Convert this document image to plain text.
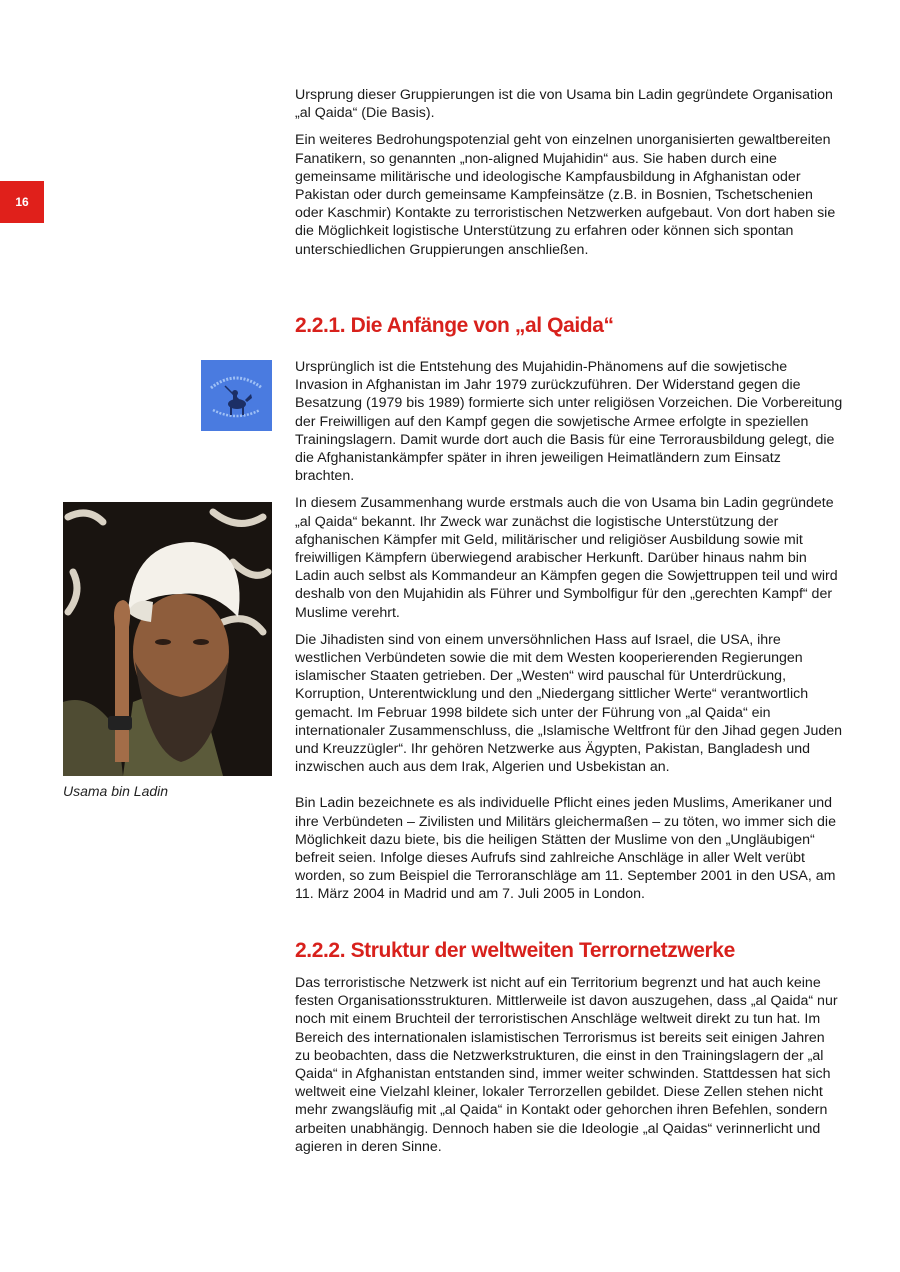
16

Ursprung dieser Gruppierungen ist die von Usama bin Ladin gegründete Organisation „al Qaida“ (Die Basis).

Ein weiteres Bedrohungspotenzial geht von einzelnen unorganisierten gewaltbereiten Fanatikern, so genannten „non-aligned Mujahidin“ aus. Sie haben durch eine gemeinsame militärische und ideologische Kampfausbildung in Afghanistan oder Pakistan oder durch gemeinsame Kampfeinsätze (z.B. in Bosnien, Tschetschenien oder Kaschmir) Kontakte zu terroristischen Netzwerken aufgebaut. Von dort haben sie die Möglichkeit logistische Unterstützung zu erfahren oder können sich spontan unterschiedlichen Gruppierungen anschließen.

2.2.1. Die Anfänge von „al Qaida“

Ursprünglich ist die Entstehung des Mujahidin-Phänomens auf die sowjetische Invasion in Afghanistan im Jahr 1979 zurückzuführen. Der Widerstand gegen die Besatzung (1979 bis 1989) formierte sich unter religiösen Vorzeichen. Die Vorbereitung der Freiwilligen auf den Kampf gegen die sowjetische Armee erfolgte in speziellen Trainingslagern. Damit wurde dort auch die Basis für eine Terrorausbildung gelegt, die die Afghanistankämpfer später in ihren jeweiligen Heimatländern zum Einsatz brachten.

In diesem Zusammenhang wurde erstmals auch die von Usama bin Ladin gegründete „al Qaida“ bekannt. Ihr Zweck war zunächst die logistische Unterstützung der afghanischen Kämpfer mit Geld, militärischer und religiöser Ausbildung sowie mit freiwilligen Kämpfern überwiegend arabischer Herkunft. Darüber hinaus nahm bin Ladin auch selbst als Kommandeur an Kämpfen gegen die Sowjettruppen teil und wird deshalb von den Mujahidin als Führer und Symbolfigur für den „gerechten Kampf“ der Muslime verehrt.

Die Jihadisten sind von einem unversöhnlichen Hass auf Israel, die USA, ihre westlichen Verbündeten sowie die mit dem Westen kooperierenden Regierungen islamischer Staaten getrieben. Der „Westen“ wird pauschal für Unterdrückung, Korruption, Unterentwicklung und den „Niedergang sittlicher Werte“ verantwortlich gemacht. Im Februar 1998 bildete sich unter der Führung von „al Qaida“ ein internationaler Zusammenschluss, die „Islamische Weltfront für den Jihad gegen Juden und Kreuzzügler“. Ihr gehören Netzwerke aus Ägypten, Pakistan, Bangladesh und inzwischen auch aus dem Irak, Algerien und Usbekistan an.

Bin Ladin bezeichnete es als individuelle Pflicht eines jeden Muslims, Amerikaner und ihre Verbündeten – Zivilisten und Militärs gleichermaßen – zu töten, wo immer sich die Möglichkeit dazu biete, bis die heiligen Stätten der Muslime von den „Ungläubigen“ befreit seien. Infolge dieses Aufrufs sind zahlreiche Anschläge in aller Welt verübt worden, so zum Beispiel die Terroranschläge am 11. September 2001 in den USA, am 11. März 2004 in Madrid und am 7. Juli 2005 in London.

Usama bin Ladin
2.2.2. Struktur der weltweiten Terrornetzwerke

Das terroristische Netzwerk ist nicht auf ein Territorium begrenzt und hat auch keine festen Organisationsstrukturen. Mittlerweile ist davon auszugehen, dass „al Qaida“ nur noch mit einem Bruchteil der terroristischen Anschläge weltweit direkt zu tun hat. Im Bereich des internationalen islamistischen Terrorismus ist bereits seit einigen Jahren zu beobachten, dass die Netzwerkstrukturen, die einst in den Trainingslagern der „al Qaida“ in Afghanistan entstanden sind, immer weiter schwinden. Stattdessen hat sich weltweit eine Vielzahl kleiner, lokaler Terrorzellen gebildet. Diese Zellen stehen nicht mehr zwangsläufig mit „al Qaida“ in Kontakt oder gehorchen ihren Befehlen, sondern arbeiten unabhängig. Dennoch haben sie die Ideologie „al Qaidas“ verinnerlicht und agieren in deren Sinne.
